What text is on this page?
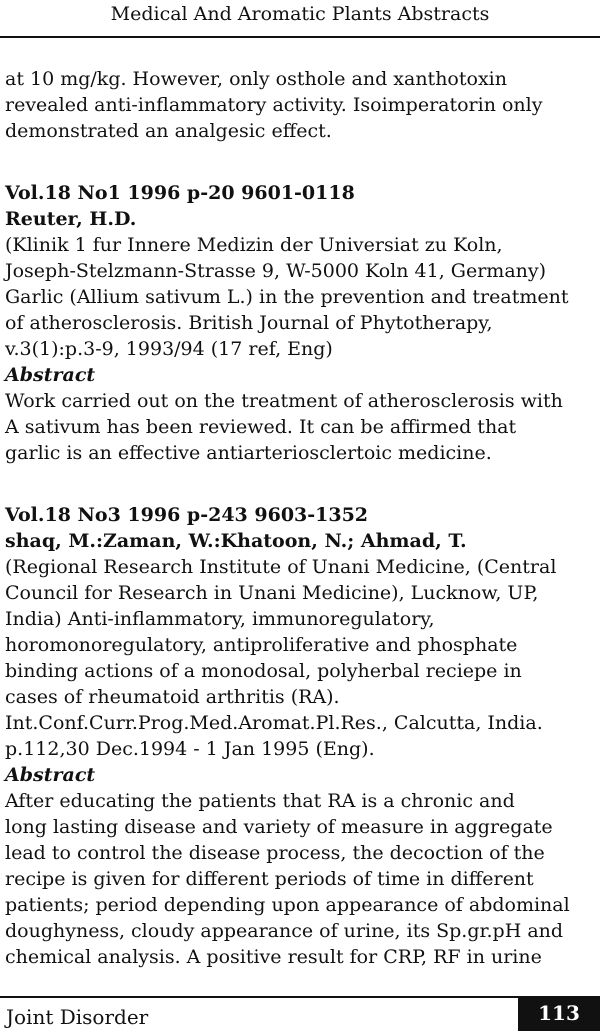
Medical And Aromatic Plants Abstracts

at 10 mg/kg. However, only osthole and xanthotoxin

revealed anti-inflammatory activity. Isoimperatorin only

demonstrated an analgesic effect.

Vol.18 No1 1996 p-20 9601-0118

Reuter, H.D.

(Klinik 1 fur Innere Medizin der Universiat zu Koln,

Joseph-Stelzmann-Strasse 9, W-5000 Koln 41, Germany)

Garlic (Allium sativum L.) in the prevention and treatment

of atherosclerosis. British Journal of Phytotherapy,

v.3(1):p.3-9, 1993/94 (17 ref, Eng)

Abstract

Work carried out on the treatment of atherosclerosis with

A sativum has been reviewed. It can be affirmed that

garlic is an effective antiarteriosclertoic medicine.

Vol.18 No3 1996 p-243 9603-1352

shaq, M.:Zaman, W.:Khatoon, N.; Ahmad, T.

(Regional Research Institute of Unani Medicine, (Central

Council for Research in Unani Medicine), Lucknow, UP,

India) Anti-inflammatory, immunoregulatory,

horomonoregulatory, antiproliferative and phosphate

binding actions of a monodosal, polyherbal reciepe in

cases of rheumatoid arthritis (RA).

Int.Conf.Curr.Prog.Med.Aromat.Pl.Res., Calcutta, India.

p.112,30 Dec.1994 - 1 Jan 1995 (Eng).

Abstract

After educating the patients that RA is a chronic and

long lasting disease and variety of measure in aggregate

lead to control the disease process, the decoction of the

recipe is given for different periods of time in different

patients; period depending upon appearance of abdominal

doughyness, cloudy appearance of urine, its Sp.gr.pH and

chemical analysis. A positive result for CRP, RF in urine

Joint Disorder	113
